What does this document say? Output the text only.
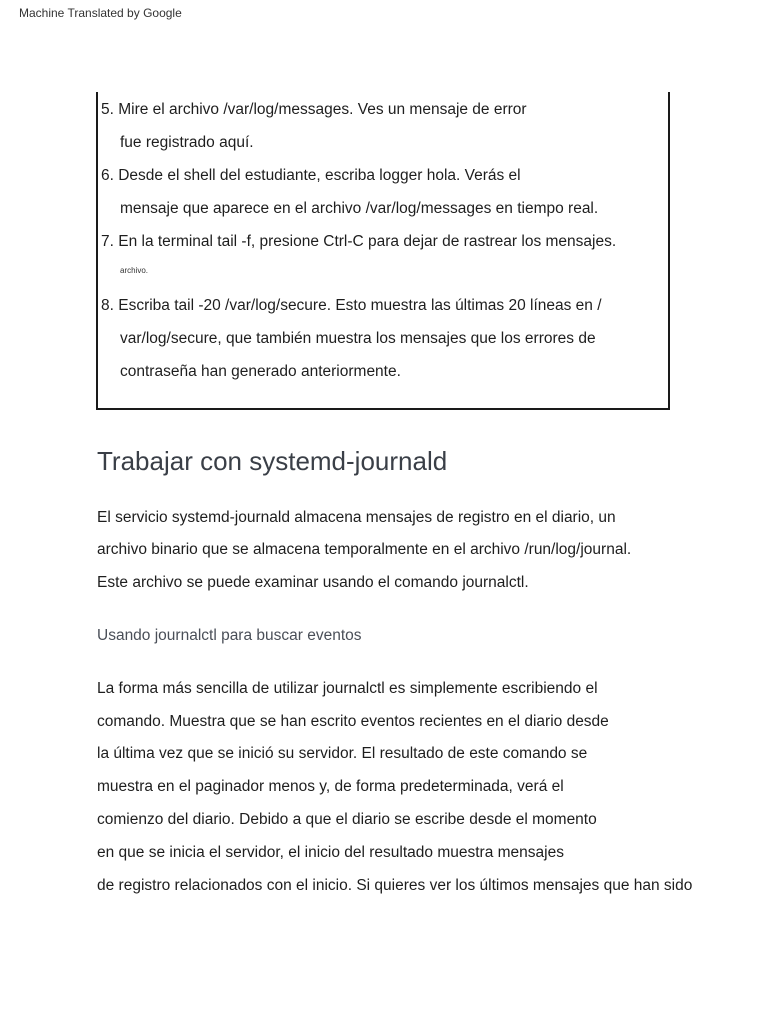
Machine Translated by Google
5. Mire el archivo /var/log/messages. Ves un mensaje de error
fue registrado aquí.
6. Desde el shell del estudiante, escriba logger hola. Verás el
mensaje que aparece en el archivo /var/log/messages en tiempo real.
7. En la terminal tail -f, presione Ctrl-C para dejar de rastrear los mensajes.
archivo.
8. Escriba tail -20 /var/log/secure. Esto muestra las últimas 20 líneas en /
var/log/secure, que también muestra los mensajes que los errores de
contraseña han generado anteriormente.
Trabajar con systemd-journald
El servicio systemd-journald almacena mensajes de registro en el diario, un
archivo binario que se almacena temporalmente en el archivo /run/log/journal.
Este archivo se puede examinar usando el comando journalctl.
Usando journalctl para buscar eventos
La forma más sencilla de utilizar journalctl es simplemente escribiendo el
comando. Muestra que se han escrito eventos recientes en el diario desde
la última vez que se inició su servidor. El resultado de este comando se
muestra en el paginador menos y, de forma predeterminada, verá el
comienzo del diario. Debido a que el diario se escribe desde el momento
en que se inicia el servidor, el inicio del resultado muestra mensajes
de registro relacionados con el inicio. Si quieres ver los últimos mensajes que han sido
